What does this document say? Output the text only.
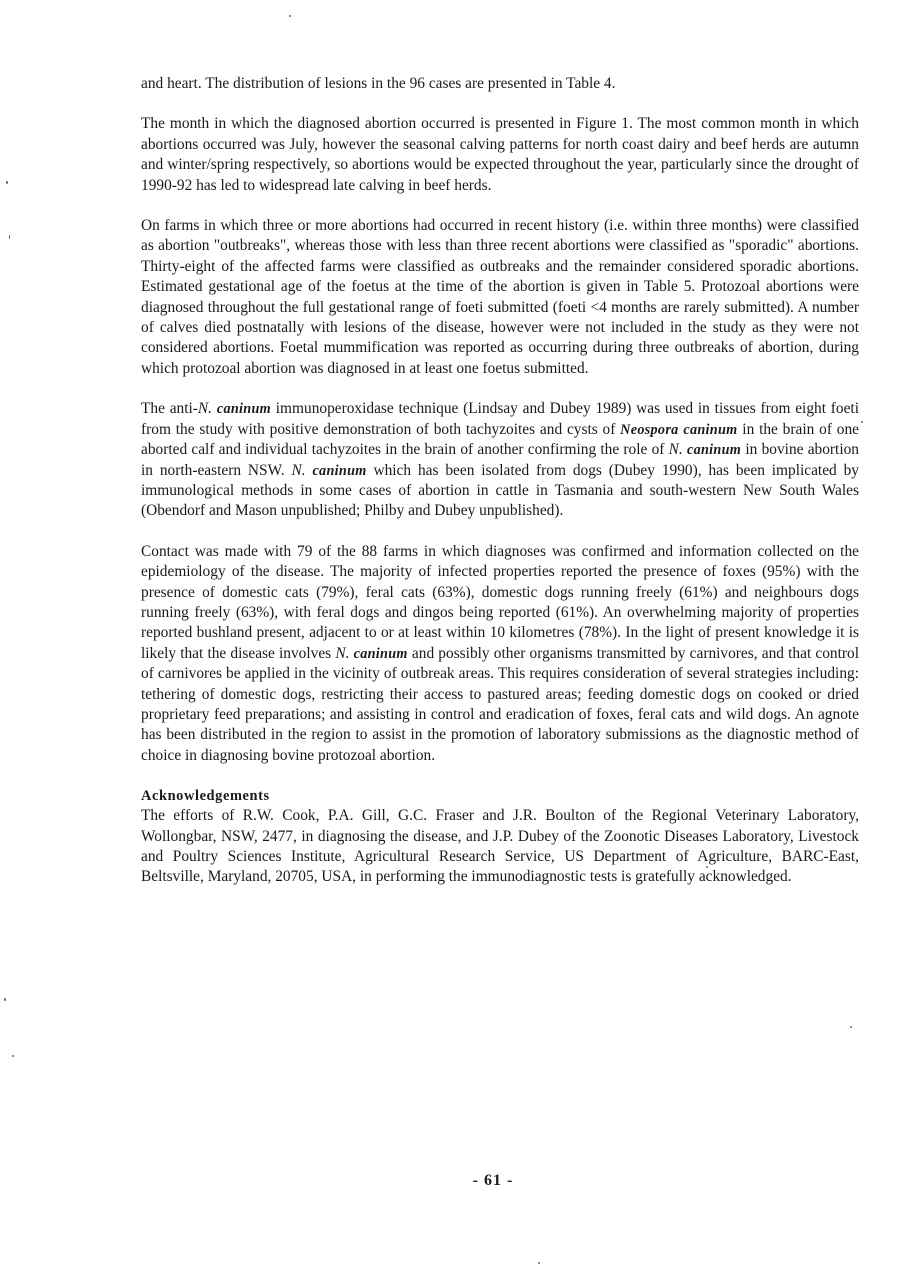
and heart. The distribution of lesions in the 96 cases are presented in Table 4.

The month in which the diagnosed abortion occurred is presented in Figure 1. The most common month in which abortions occurred was July, however the seasonal calving patterns for north coast dairy and beef herds are autumn and winter/spring respectively, so abortions would be expected throughout the year, particularly since the drought of 1990-92 has led to widespread late calving in beef herds.

On farms in which three or more abortions had occurred in recent history (i.e. within three months) were classified as abortion "outbreaks", whereas those with less than three recent abortions were classified as "sporadic" abortions. Thirty-eight of the affected farms were classified as outbreaks and the remainder considered sporadic abortions. Estimated gestational age of the foetus at the time of the abortion is given in Table 5. Protozoal abortions were diagnosed throughout the full gestational range of foeti submitted (foeti <4 months are rarely submitted). A number of calves died postnatally with lesions of the disease, however were not included in the study as they were not considered abortions. Foetal mummification was reported as occurring during three outbreaks of abortion, during which protozoal abortion was diagnosed in at least one foetus submitted.

The anti-N. caninum immunoperoxidase technique (Lindsay and Dubey 1989) was used in tissues from eight foeti from the study with positive demonstration of both tachyzoites and cysts of Neospora caninum in the brain of one aborted calf and individual tachyzoites in the brain of another confirming the role of N. caninum in bovine abortion in north-eastern NSW. N. caninum which has been isolated from dogs (Dubey 1990), has been implicated by immunological methods in some cases of abortion in cattle in Tasmania and south-western New South Wales (Obendorf and Mason unpublished; Philby and Dubey unpublished).

Contact was made with 79 of the 88 farms in which diagnoses was confirmed and information collected on the epidemiology of the disease. The majority of infected properties reported the presence of foxes (95%) with the presence of domestic cats (79%), feral cats (63%), domestic dogs running freely (61%) and neighbours dogs running freely (63%), with feral dogs and dingos being reported (61%). An overwhelming majority of properties reported bushland present, adjacent to or at least within 10 kilometres (78%). In the light of present knowledge it is likely that the disease involves N. caninum and possibly other organisms transmitted by carnivores, and that control of carnivores be applied in the vicinity of outbreak areas. This requires consideration of several strategies including: tethering of domestic dogs, restricting their access to pastured areas; feeding domestic dogs on cooked or dried proprietary feed preparations; and assisting in control and eradication of foxes, feral cats and wild dogs. An agnote has been distributed in the region to assist in the promotion of laboratory submissions as the diagnostic method of choice in diagnosing bovine protozoal abortion.

Acknowledgements

The efforts of R.W. Cook, P.A. Gill, G.C. Fraser and J.R. Boulton of the Regional Veterinary Laboratory, Wollongbar, NSW, 2477, in diagnosing the disease, and J.P. Dubey of the Zoonotic Diseases Laboratory, Livestock and Poultry Sciences Institute, Agricultural Research Service, US Department of Agriculture, BARC-East, Beltsville, Maryland, 20705, USA, in performing the immunodiagnostic tests is gratefully acknowledged.

- 61 -
